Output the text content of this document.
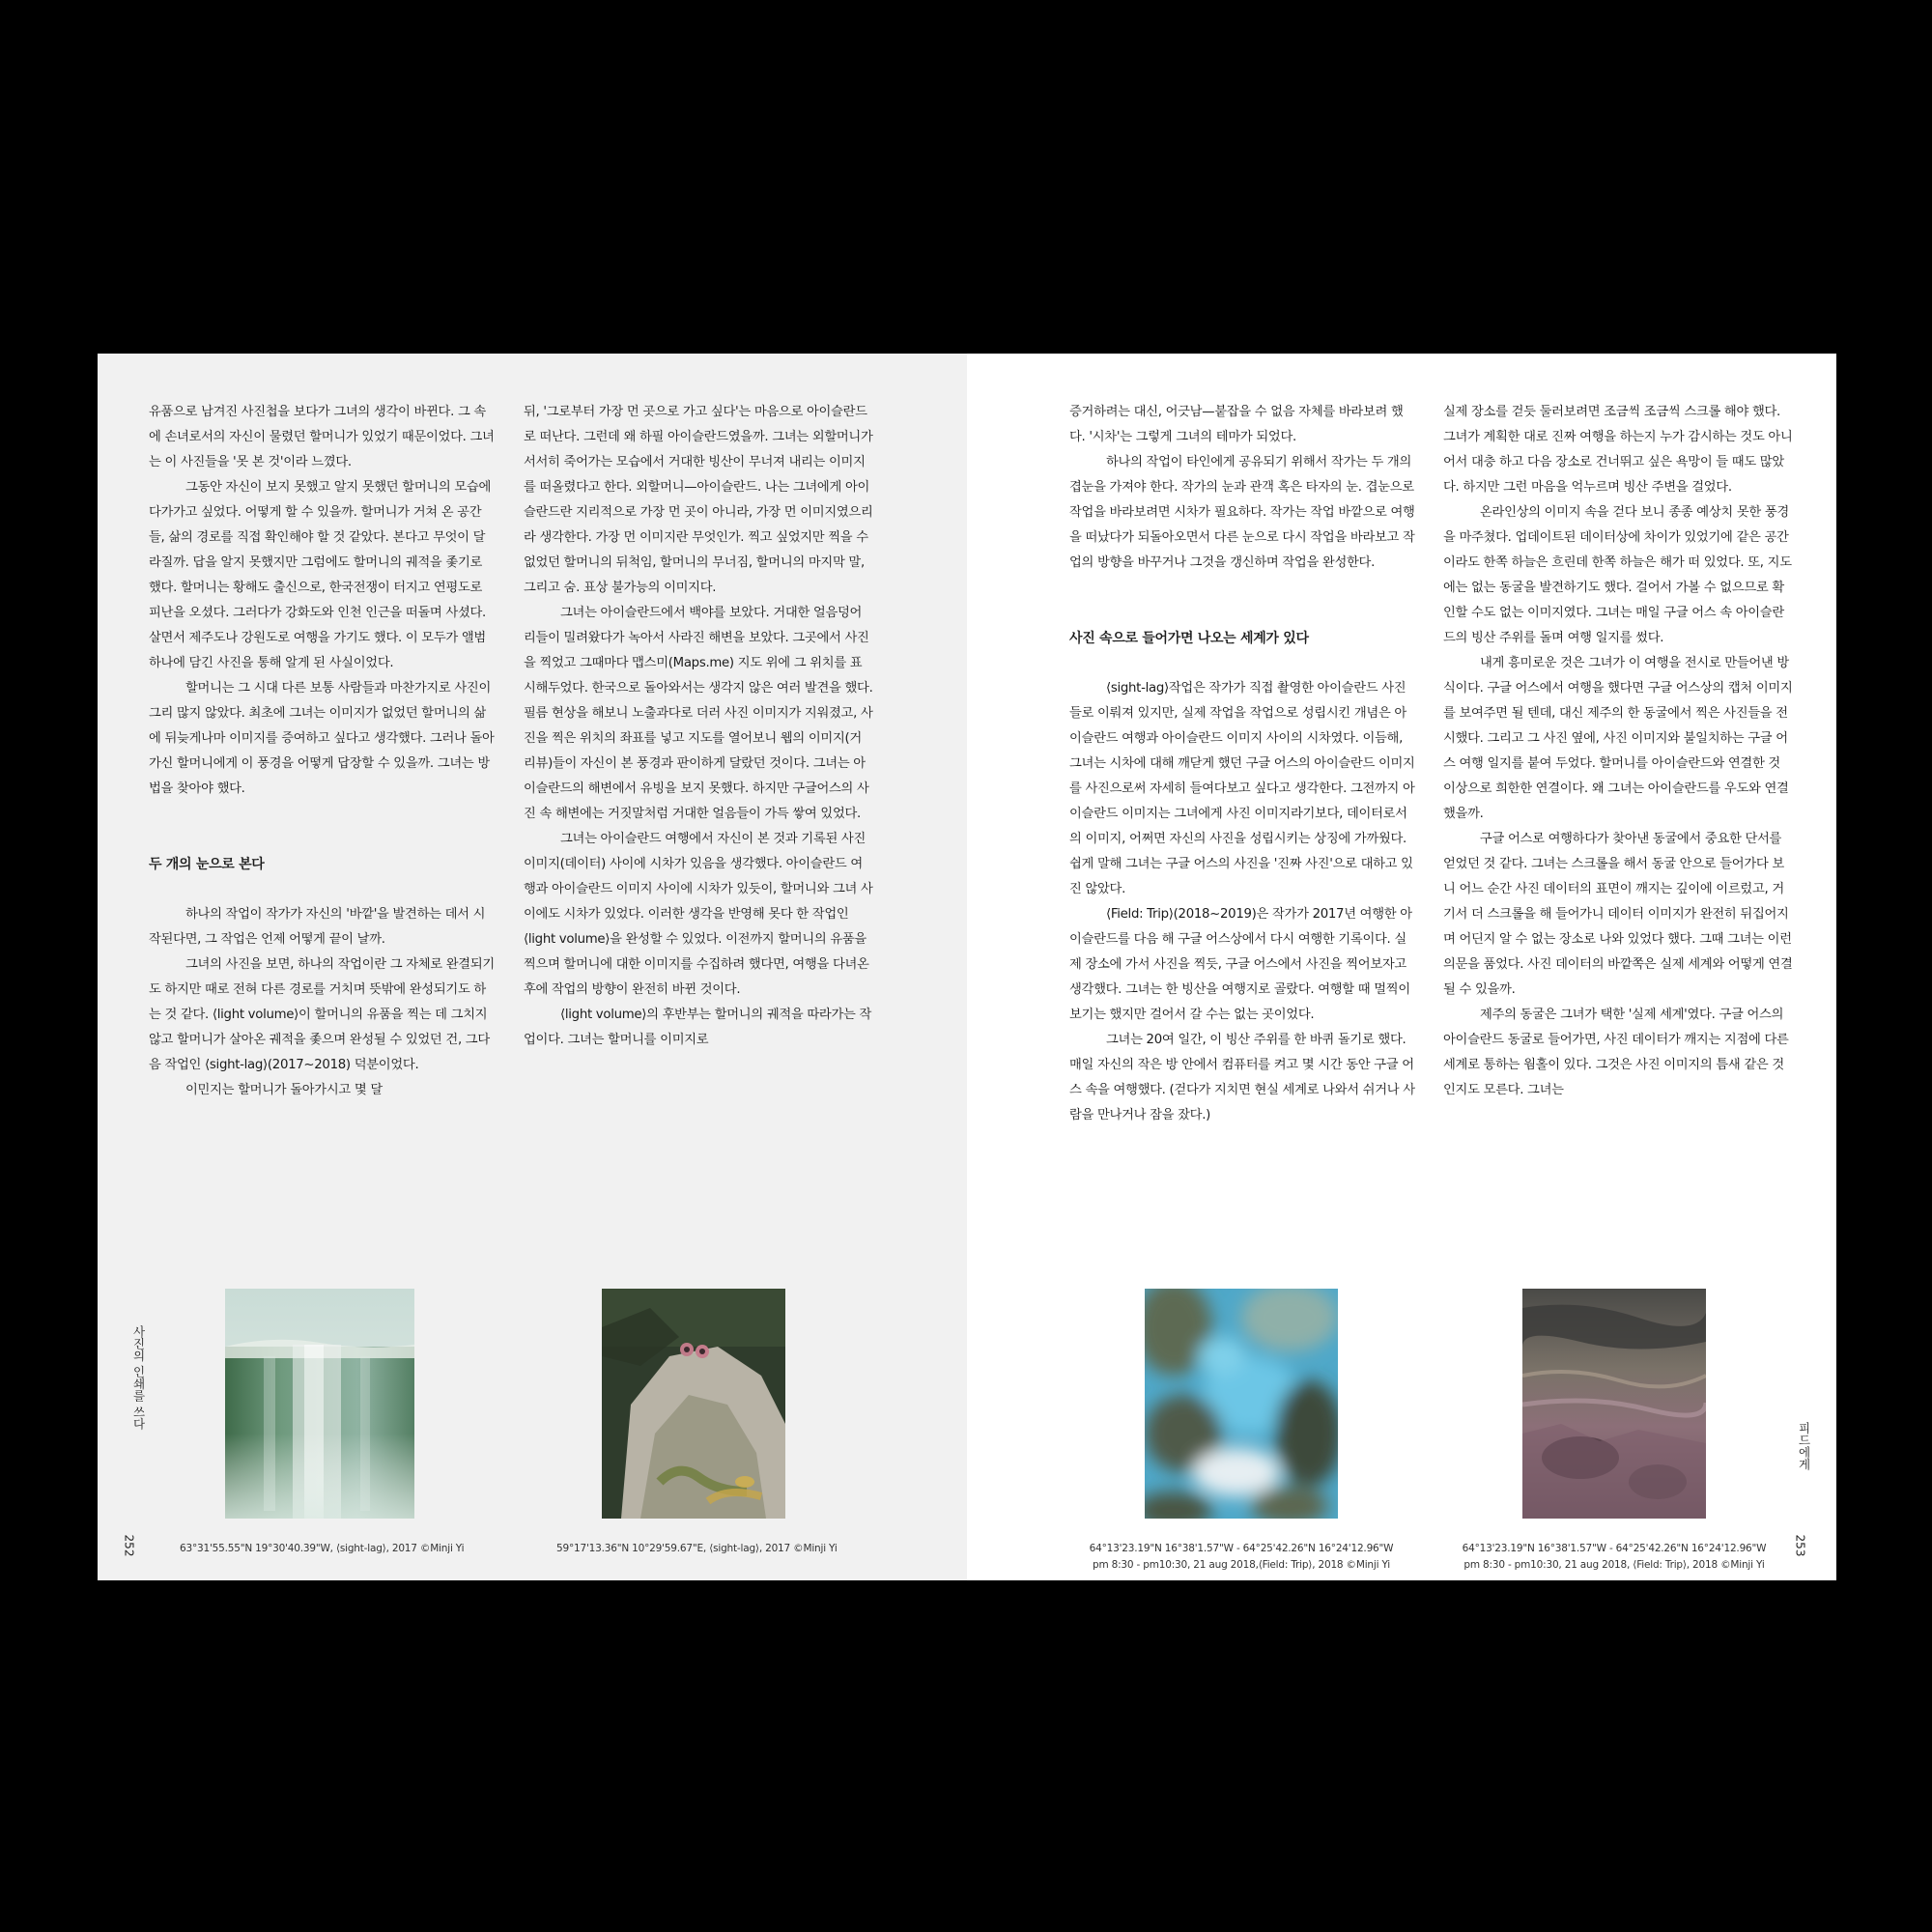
유품으로 남겨진 사진첩을 보다가 그녀의 생각이 바뀐다. 그 속에 손녀로서의 자신이 물렸던 할머니가 있었기 때문이었다. 그녀는 이 사진들을 '못 본 것'이라 느꼈다.

그동안 자신이 보지 못했고 알지 못했던 할머니의 모습에 다가가고 싶었다. 어떻게 할 수 있을까. 할머니가 거쳐 온 공간들, 삶의 경로를 직접 확인해야 할 것 같았다. 본다고 무엇이 달라질까. 답을 알지 못했지만 그럼에도 할머니의 궤적을 좇기로 했다. 할머니는 황해도 출신으로, 한국전쟁이 터지고 연평도로 피난을 오셨다. 그러다가 강화도와 인천 인근을 떠돌며 사셨다. 살면서 제주도나 강원도로 여행을 가기도 했다. 이 모두가 앨범 하나에 담긴 사진을 통해 알게 된 사실이었다.

할머니는 그 시대 다른 보통 사람들과 마찬가지로 사진이 그리 많지 않았다. 최초에 그녀는 이미지가 없었던 할머니의 삶에 뒤늦게나마 이미지를 증여하고 싶다고 생각했다. 그러나 돌아가신 할머니에게 이 풍경을 어떻게 답장할 수 있을까. 그녀는 방법을 찾아야 했다.

두 개의 눈으로 본다

하나의 작업이 작가가 자신의 '바깥'을 발견하는 데서 시작된다면, 그 작업은 언제 어떻게 끝이 날까.

그녀의 사진을 보면, 하나의 작업이란 그 자체로 완결되기도 하지만 때로 전혀 다른 경로를 거치며 뜻밖에 완성되기도 하는 것 같다. ⟨light volume⟩이 할머니의 유품을 찍는 데 그치지 않고 할머니가 살아온 궤적을 좇으며 완성될 수 있었던 건, 그다음 작업인 ⟨sight-lag⟩(2017~2018) 덕분이었다.

이민지는 할머니가 돌아가시고 몇 달

뒤, '그로부터 가장 먼 곳으로 가고 싶다'는 마음으로 아이슬란드로 떠난다. 그런데 왜 하필 아이슬란드였을까. 그녀는 외할머니가 서서히 죽어가는 모습에서 거대한 빙산이 무너져 내리는 이미지를 떠올렸다고 한다. 외할머니—아이슬란드. 나는 그녀에게 아이슬란드란 지리적으로 가장 먼 곳이 아니라, 가장 먼 이미지였으리라 생각한다. 가장 먼 이미지란 무엇인가. 찍고 싶었지만 찍을 수 없었던 할머니의 뒤척임, 할머니의 무너짐, 할머니의 마지막 말, 그리고 숨. 표상 불가능의 이미지다.

그녀는 아이슬란드에서 백야를 보았다. 거대한 얼음덩어리들이 밀려왔다가 녹아서 사라진 해변을 보았다. 그곳에서 사진을 찍었고 그때마다 맵스미(Maps.me) 지도 위에 그 위치를 표시해두었다. 한국으로 돌아와서는 생각지 않은 여러 발견을 했다. 필름 현상을 해보니 노출과다로 더러 사진 이미지가 지워졌고, 사진을 찍은 위치의 좌표를 넣고 지도를 열어보니 웹의 이미지(거리뷰)들이 자신이 본 풍경과 판이하게 달랐던 것이다. 그녀는 아이슬란드의 해변에서 유빙을 보지 못했다. 하지만 구글어스의 사진 속 해변에는 거짓말처럼 거대한 얼음들이 가득 쌓여 있었다.

그녀는 아이슬란드 여행에서 자신이 본 것과 기록된 사진 이미지(데이터) 사이에 시차가 있음을 생각했다. 아이슬란드 여행과 아이슬란드 이미지 사이에 시차가 있듯이, 할머니와 그녀 사이에도 시차가 있었다. 이러한 생각을 반영해 못다 한 작업인 ⟨light volume⟩을 완성할 수 있었다. 이전까지 할머니의 유품을 찍으며 할머니에 대한 이미지를 수집하려 했다면, 여행을 다녀온 후에 작업의 방향이 완전히 바뀐 것이다.

⟨light volume⟩의 후반부는 할머니의 궤적을 따라가는 작업이다. 그녀는 할머니를 이미지로

63°31'55.55"N 19°30'40.39"W, ⟨sight-lag⟩, 2017 ©Minji Yi	59°17'13.36"N 10°29'59.67"E, ⟨sight-lag⟩, 2017 ©Minji Yi
사진의 인쇄를 쓰다
252

증거하려는 대신, 어긋남—붙잡을 수 없음 자체를 바라보려 했다. '시차'는 그렇게 그녀의 테마가 되었다.

하나의 작업이 타인에게 공유되기 위해서 작가는 두 개의 겹눈을 가져야 한다. 작가의 눈과 관객 혹은 타자의 눈. 겹눈으로 작업을 바라보려면 시차가 필요하다. 작가는 작업 바깥으로 여행을 떠났다가 되돌아오면서 다른 눈으로 다시 작업을 바라보고 작업의 방향을 바꾸거나 그것을 갱신하며 작업을 완성한다.

사진 속으로 들어가면 나오는 세계가 있다

⟨sight-lag⟩작업은 작가가 직접 촬영한 아이슬란드 사진들로 이뤄져 있지만, 실제 작업을 작업으로 성립시킨 개념은 아이슬란드 여행과 아이슬란드 이미지 사이의 시차였다. 이듬해, 그녀는 시차에 대해 깨닫게 했던 구글 어스의 아이슬란드 이미지를 사진으로써 자세히 들여다보고 싶다고 생각한다. 그전까지 아이슬란드 이미지는 그녀에게 사진 이미지라기보다, 데이터로서의 이미지, 어쩌면 자신의 사진을 성립시키는 상징에 가까웠다. 쉽게 말해 그녀는 구글 어스의 사진을 '진짜 사진'으로 대하고 있진 않았다.

⟨Field: Trip⟩(2018~2019)은 작가가 2017년 여행한 아이슬란드를 다음 해 구글 어스상에서 다시 여행한 기록이다. 실제 장소에 가서 사진을 찍듯, 구글 어스에서 사진을 찍어보자고 생각했다. 그녀는 한 빙산을 여행지로 골랐다. 여행할 때 멀찍이 보기는 했지만 걸어서 갈 수는 없는 곳이었다.

그녀는 20여 일간, 이 빙산 주위를 한 바퀴 돌기로 했다. 매일 자신의 작은 방 안에서 컴퓨터를 켜고 몇 시간 동안 구글 어스 속을 여행했다. (걷다가 지치면 현실 세계로 나와서 쉬거나 사람을 만나거나 잠을 잤다.)

실제 장소를 걷듯 둘러보려면 조금씩 조금씩 스크롤 해야 했다. 그녀가 계획한 대로 진짜 여행을 하는지 누가 감시하는 것도 아니어서 대충 하고 다음 장소로 건너뛰고 싶은 욕망이 들 때도 많았다. 하지만 그런 마음을 억누르며 빙산 주변을 걸었다.

온라인상의 이미지 속을 걷다 보니 종종 예상치 못한 풍경을 마주쳤다. 업데이트된 데이터상에 차이가 있었기에 같은 공간이라도 한쪽 하늘은 흐린데 한쪽 하늘은 해가 떠 있었다. 또, 지도에는 없는 동굴을 발견하기도 했다. 걸어서 가볼 수 없으므로 확인할 수도 없는 이미지였다. 그녀는 매일 구글 어스 속 아이슬란드의 빙산 주위를 돌며 여행 일지를 썼다.

내게 흥미로운 것은 그녀가 이 여행을 전시로 만들어낸 방식이다. 구글 어스에서 여행을 했다면 구글 어스상의 캡처 이미지를 보여주면 될 텐데, 대신 제주의 한 동굴에서 찍은 사진들을 전시했다. 그리고 그 사진 옆에, 사진 이미지와 불일치하는 구글 어스 여행 일지를 붙여 두었다. 할머니를 아이슬란드와 연결한 것 이상으로 희한한 연결이다. 왜 그녀는 아이슬란드를 우도와 연결했을까.

구글 어스로 여행하다가 찾아낸 동굴에서 중요한 단서를 얻었던 것 같다. 그녀는 스크롤을 해서 동굴 안으로 들어가다 보니 어느 순간 사진 데이터의 표면이 깨지는 깊이에 이르렀고, 거기서 더 스크롤을 해 들어가니 데이터 이미지가 완전히 뒤집어지며 어딘지 알 수 없는 장소로 나와 있었다 했다. 그때 그녀는 이런 의문을 품었다. 사진 데이터의 바깥쪽은 실제 세계와 어떻게 연결될 수 있을까.

제주의 동굴은 그녀가 택한 '실제 세계'였다. 구글 어스의 아이슬란드 동굴로 들어가면, 사진 데이터가 깨지는 지점에 다른 세계로 통하는 웜홀이 있다. 그것은 사진 이미지의 틈새 같은 것인지도 모른다. 그녀는

64°13'23.19"N 16°38'1.57"W - 64°25'42.26"N 16°24'12.96"W
pm 8:30 - pm10:30, 21 aug 2018,⟨Field: Trip⟩, 2018 ©Minji Yi
64°13'23.19"N 16°38'1.57"W - 64°25'42.26"N 16°24'12.96"W
pm 8:30 - pm10:30, 21 aug 2018, ⟨Field: Trip⟩, 2018 ©Minji Yi
피드에게
253
